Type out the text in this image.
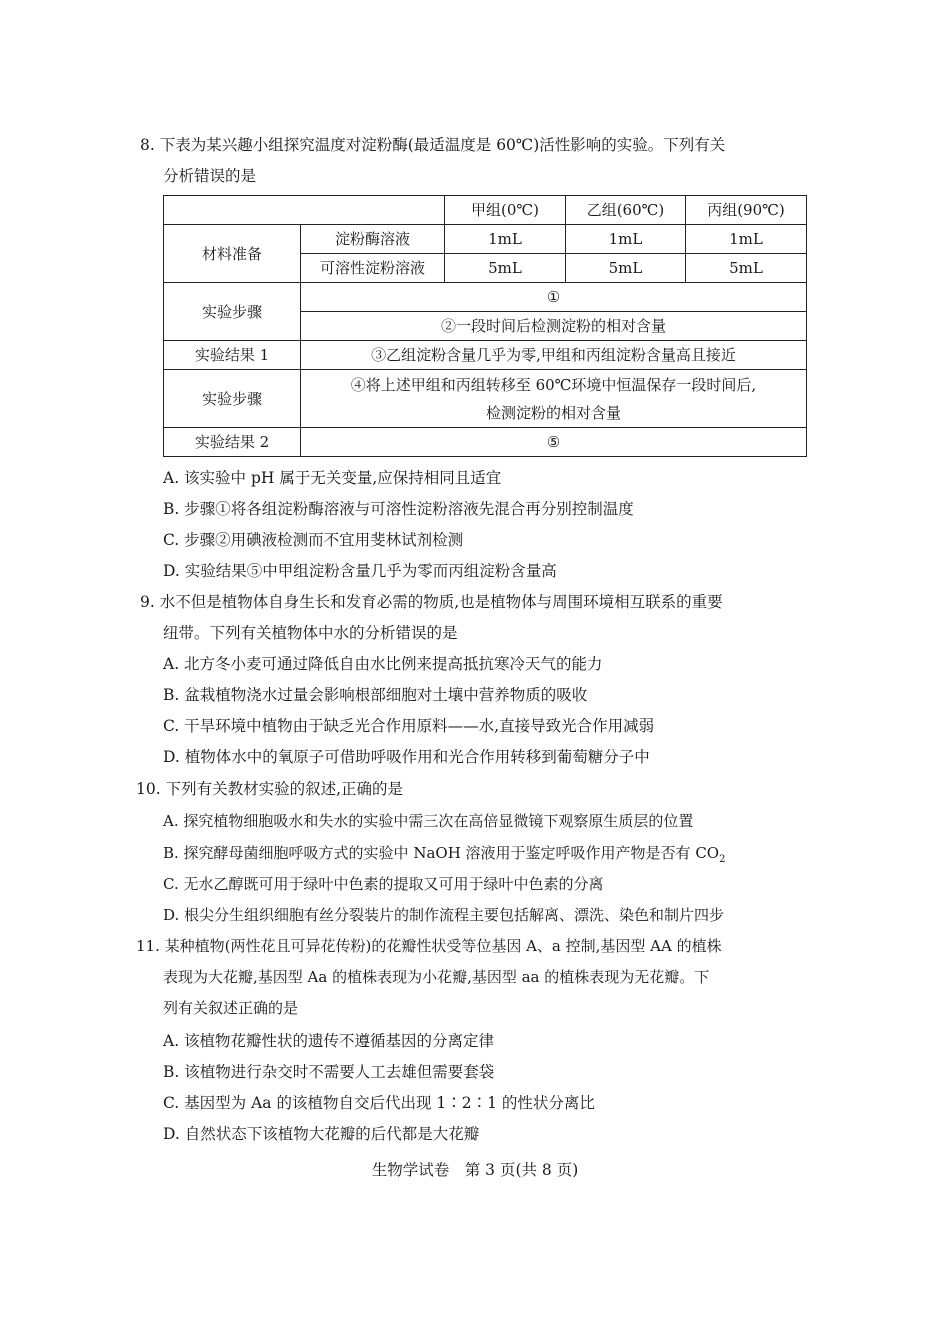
8. 下表为某兴趣小组探究温度对淀粉酶(最适温度是 60℃)活性影响的实验。下列有关
分析错误的是
		甲组(0℃)	乙组(60℃)	丙组(90℃)
材料准备	淀粉酶溶液	1mL	1mL	1mL
	可溶性淀粉溶液	5mL	5mL	5mL
实验步骤	①			
	②一段时间后检测淀粉的相对含量			
实验结果 1	③乙组淀粉含量几乎为零,甲组和丙组淀粉含量高且接近			
实验步骤	④将上述甲组和丙组转移至 60℃环境中恒温保存一段时间后,
检测淀粉的相对含量			

实验结果 2	⑤			
A. 该实验中 pH 属于无关变量,应保持相同且适宜
B. 步骤①将各组淀粉酶溶液与可溶性淀粉溶液先混合再分别控制温度
C. 步骤②用碘液检测而不宜用斐林试剂检测
D. 实验结果⑤中甲组淀粉含量几乎为零而丙组淀粉含量高
9. 水不但是植物体自身生长和发育必需的物质,也是植物体与周围环境相互联系的重要
纽带。下列有关植物体中水的分析错误的是
A. 北方冬小麦可通过降低自由水比例来提高抵抗寒冷天气的能力
B. 盆栽植物浇水过量会影响根部细胞对土壤中营养物质的吸收
C. 干旱环境中植物由于缺乏光合作用原料——水,直接导致光合作用减弱
D. 植物体水中的氧原子可借助呼吸作用和光合作用转移到葡萄糖分子中
10. 下列有关教材实验的叙述,正确的是
A. 探究植物细胞吸水和失水的实验中需三次在高倍显微镜下观察原生质层的位置
B. 探究酵母菌细胞呼吸方式的实验中 NaOH 溶液用于鉴定呼吸作用产物是否有 $CO_2$
C. 无水乙醇既可用于绿叶中色素的提取又可用于绿叶中色素的分离
D. 根尖分生组织细胞有丝分裂装片的制作流程主要包括解离、漂洗、染色和制片四步
11. 某种植物(两性花且可异花传粉)的花瓣性状受等位基因 A、a 控制,基因型 AA 的植株
表现为大花瓣,基因型 Aa 的植株表现为小花瓣,基因型 aa 的植株表现为无花瓣。下
列有关叙述正确的是
A. 该植物花瓣性状的遗传不遵循基因的分离定律
B. 该植物进行杂交时不需要人工去雄但需要套袋
C. 基因型为 Aa 的该植物自交后代出现 1∶2∶1 的性状分离比
D. 自然状态下该植物大花瓣的后代都是大花瓣
生物学试卷　第 3 页(共 8 页)
